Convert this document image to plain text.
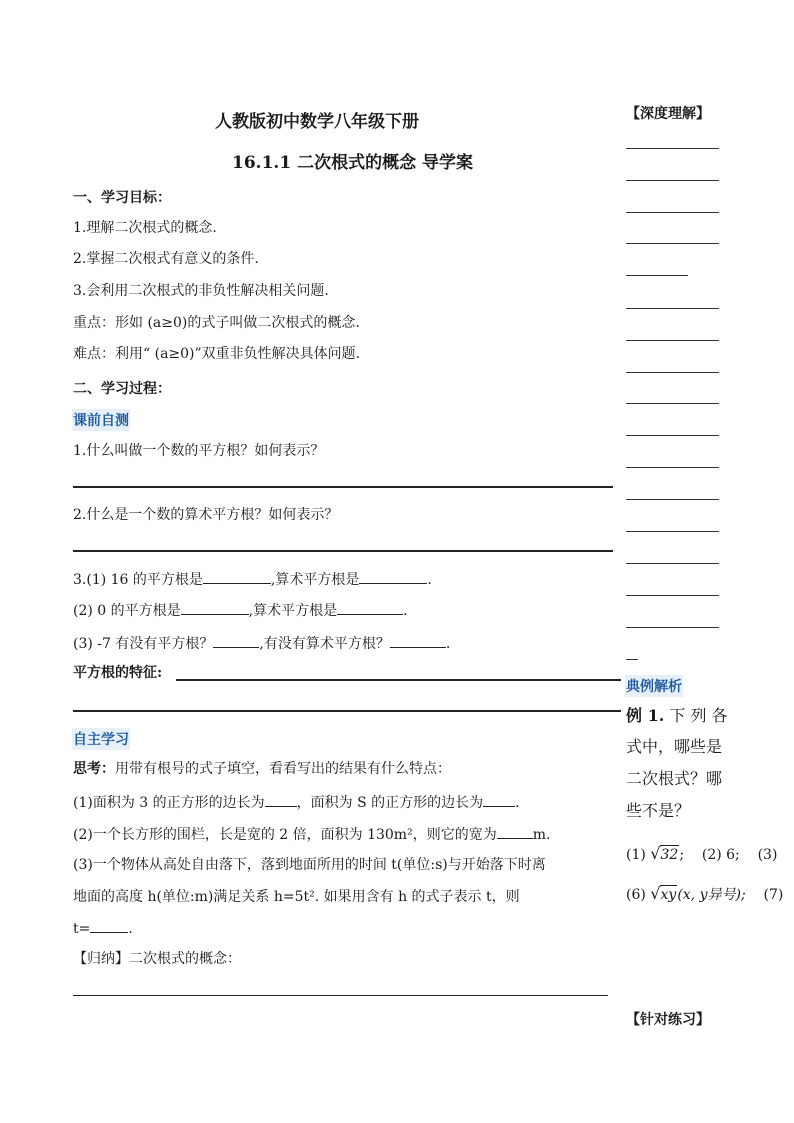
人教版初中数学八年级下册
16.1.1 二次根式的概念 导学案
一、学习目标：
1.理解二次根式的概念.
2.掌握二次根式有意义的条件.
3.会利用二次根式的非负性解决相关问题.
重点：形如 (a≥0)的式子叫做二次根式的概念.
难点：利用“ (a≥0)”双重非负性解决具体问题.
二、学习过程：
课前自测
1.什么叫做一个数的平方根？如何表示？
2.什么是一个数的算术平方根？如何表示？
3.(1) 16 的平方根是	,算术平方根是	.
(2) 0 的平方根是	,算术平方根是	.
(3) -7 有没有平方根？	,有没有算术平方根？	.
平方根的特征:
自主学习
思考：用带有根号的式子填空，看看写出的结果有什么特点：
(1)面积为 3 的正方形的边长为 ，面积为 S 的正方形的边长为 .
(2)一个长方形的围栏，长是宽的 2 倍，面积为 130m²，则它的宽为	m.
(3)一个物体从高处自由落下，落到地面所用的时间 t(单位:s)与开始落下时离
地面的高度 h(单位:m)满足关系 h=5t². 如果用含有 h 的式子表示 t，则
t=	.
【归纳】二次根式的概念：
【深度理解】
典例解析
例 1. 下 列 各
式中，哪些是
二次根式？哪
些不是？
(1) √32; (2) 6; (3)
(6) √xy(x, y异号); (7)
【针对练习】
